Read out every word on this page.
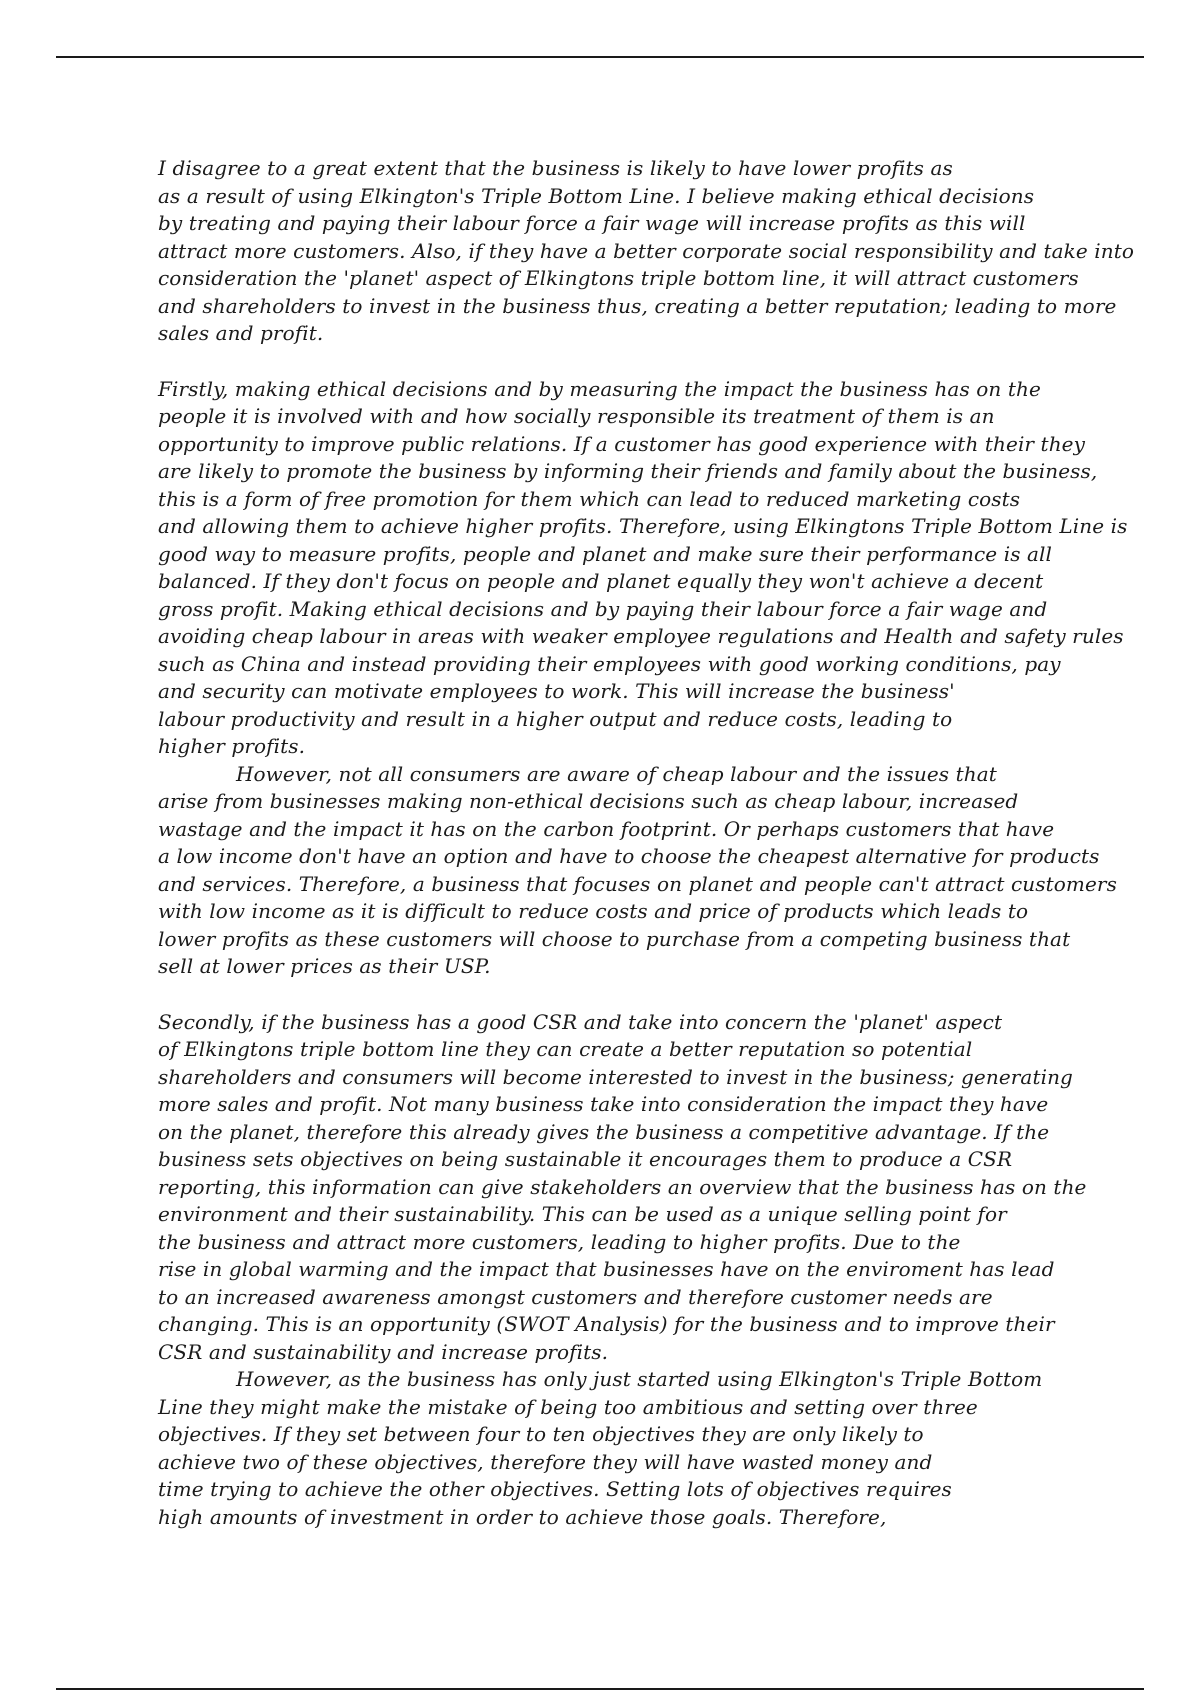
I disagree to a great extent that the business is likely to have lower profits as
as a result of using Elkington's Triple Bottom Line. I believe making ethical decisions
by treating and paying their labour force a fair wage will increase profits as this will
attract more customers. Also, if they have a better corporate social responsibility and take into
consideration the 'planet' aspect of Elkingtons triple bottom line, it will attract customers
and shareholders to invest in the business thus, creating a better reputation; leading to more
sales and profit.
Firstly, making ethical decisions and by measuring the impact the business has on the
people it is involved with and how socially responsible its treatment of them is an
opportunity to improve public relations. If a customer has good experience with their they
are likely to promote the business by informing their friends and family about the business,
this is a form of free promotion for them which can lead to reduced marketing costs
and allowing them to achieve higher profits. Therefore, using Elkingtons Triple Bottom Line is
good way to measure profits, people and planet and make sure their performance is all
balanced. If they don't focus on people and planet equally they won't achieve a decent
gross profit. Making ethical decisions and by paying their labour force a fair wage and
avoiding cheap labour in areas with weaker employee regulations and Health and safety rules
such as China and instead providing their employees with good working conditions, pay
and security can motivate employees to work. This will increase the business'
labour productivity and result in a higher output and reduce costs, leading to
higher profits.
However, not all consumers are aware of cheap labour and the issues that
arise from businesses making non-ethical decisions such as cheap labour, increased
wastage and the impact it has on the carbon footprint. Or perhaps customers that have
a low income don't have an option and have to choose the cheapest alternative for products
and services. Therefore, a business that focuses on planet and people can't attract customers
with low income as it is difficult to reduce costs and price of products which leads to
lower profits as these customers will choose to purchase from a competing business that
sell at lower prices as their USP.
Secondly, if the business has a good CSR and take into concern the 'planet' aspect
of Elkingtons triple bottom line they can create a better reputation so potential
shareholders and consumers will become interested to invest in the business; generating
more sales and profit. Not many business take into consideration the impact they have
on the planet, therefore this already gives the business a competitive advantage. If the
business sets objectives on being sustainable it encourages them to produce a CSR
reporting, this information can give stakeholders an overview that the business has on the
environment and their sustainability. This can be used as a unique selling point for
the business and attract more customers, leading to higher profits. Due to the
rise in global warming and the impact that businesses have on the enviroment has lead
to an increased awareness amongst customers and therefore customer needs are
changing. This is an opportunity (SWOT Analysis) for the business and to improve their
CSR and sustainability and increase profits.
However, as the business has only just started using Elkington's Triple Bottom
Line they might make the mistake of being too ambitious and setting over three
objectives. If they set between four to ten objectives they are only likely to
achieve two of these objectives, therefore they will have wasted money and
time trying to achieve the other objectives. Setting lots of objectives requires
high amounts of investment in order to achieve those goals. Therefore,
